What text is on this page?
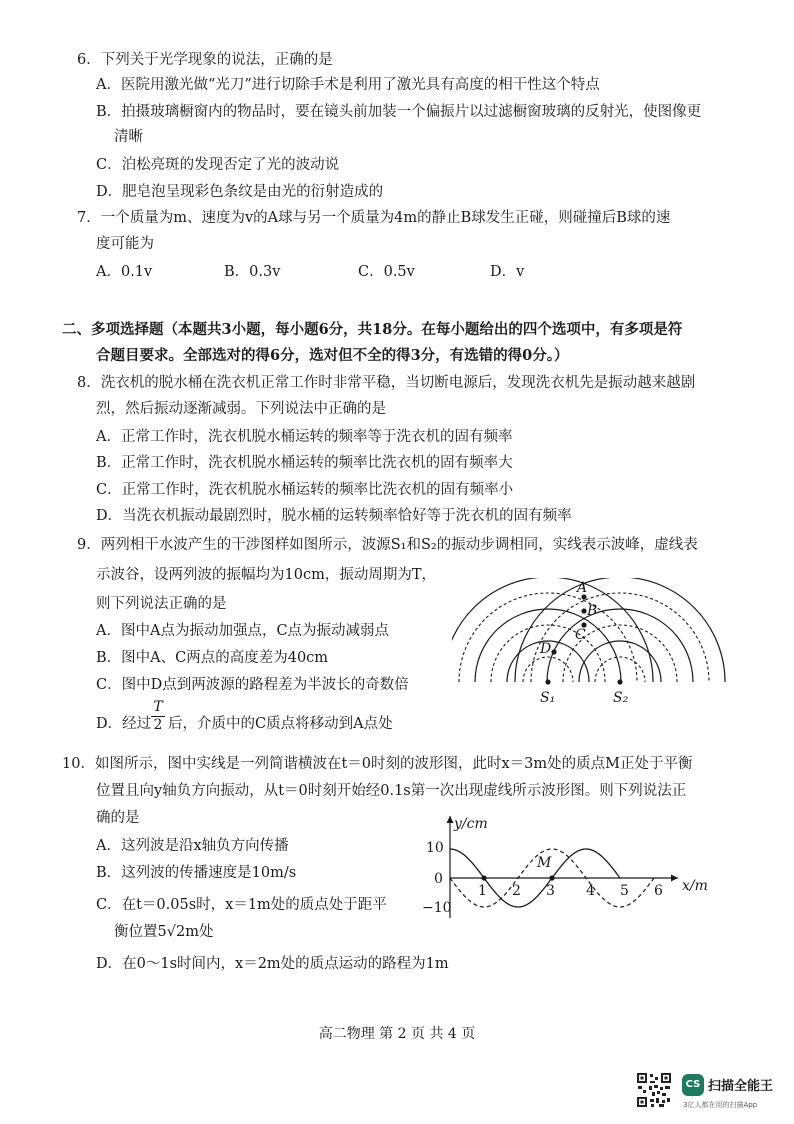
6．下列关于光学现象的说法，正确的是
A．医院用激光做“光刀”进行切除手术是利用了激光具有高度的相干性这个特点
B．拍摄玻璃橱窗内的物品时，要在镜头前加装一个偏振片以过滤橱窗玻璃的反射光，使图像更
清晰
C．泊松亮斑的发现否定了光的波动说
D．肥皂泡呈现彩色条纹是由光的衍射造成的
7．一个质量为m、速度为v的A球与另一个质量为4m的静止B球发生正碰，则碰撞后B球的速
度可能为
A．0.1v	B．0.3v	C．0.5v	D．v
二、多项选择题（本题共3小题，每小题6分，共18分。在每小题给出的四个选项中，有多项是符
合题目要求。全部选对的得6分，选对但不全的得3分，有选错的得0分。）
8．洗衣机的脱水桶在洗衣机正常工作时非常平稳，当切断电源后，发现洗衣机先是振动越来越剧
烈，然后振动逐渐减弱。下列说法中正确的是
A．正常工作时，洗衣机脱水桶运转的频率等于洗衣机的固有频率
B．正常工作时，洗衣机脱水桶运转的频率比洗衣机的固有频率大
C．正常工作时，洗衣机脱水桶运转的频率比洗衣机的固有频率小
D．当洗衣机振动最剧烈时，脱水桶的运转频率恰好等于洗衣机的固有频率
9．两列相干水波产生的干涉图样如图所示，波源S₁和S₂的振动步调相同，实线表示波峰，虚线表
示波谷，设两列波的振幅均为10cm，振动周期为T，
则下列说法正确的是
A．图中A点为振动加强点，C点为振动减弱点
B．图中A、C两点的高度差为40cm
C．图中D点到两波源的路程差为半波长的奇数倍
D．经过
T
2 后，介质中的C质点将移动到A点处
A
B
C
D
S₁	S₂
10．如图所示，图中实线是一列简谐横波在t＝0时刻的波形图，此时x＝3m处的质点M正处于平衡
位置且向y轴负方向振动，从t＝0时刻开始经0.1s第一次出现虚线所示波形图。则下列说法正
确的是
A．这列波是沿x轴负方向传播
B．这列波的传播速度是10m/s
C．在t＝0.05s时，x＝1m处的质点处于距平
衡位置5√2m处
D．在0～1s时间内，x＝2m处的质点运动的路程为1m
y/cm
x/m
10
0
−10
1 2 3 4 5 6
M
高二物理 第 2 页 共 4 页
CS 扫描全能王
3亿人都在用的扫描App
